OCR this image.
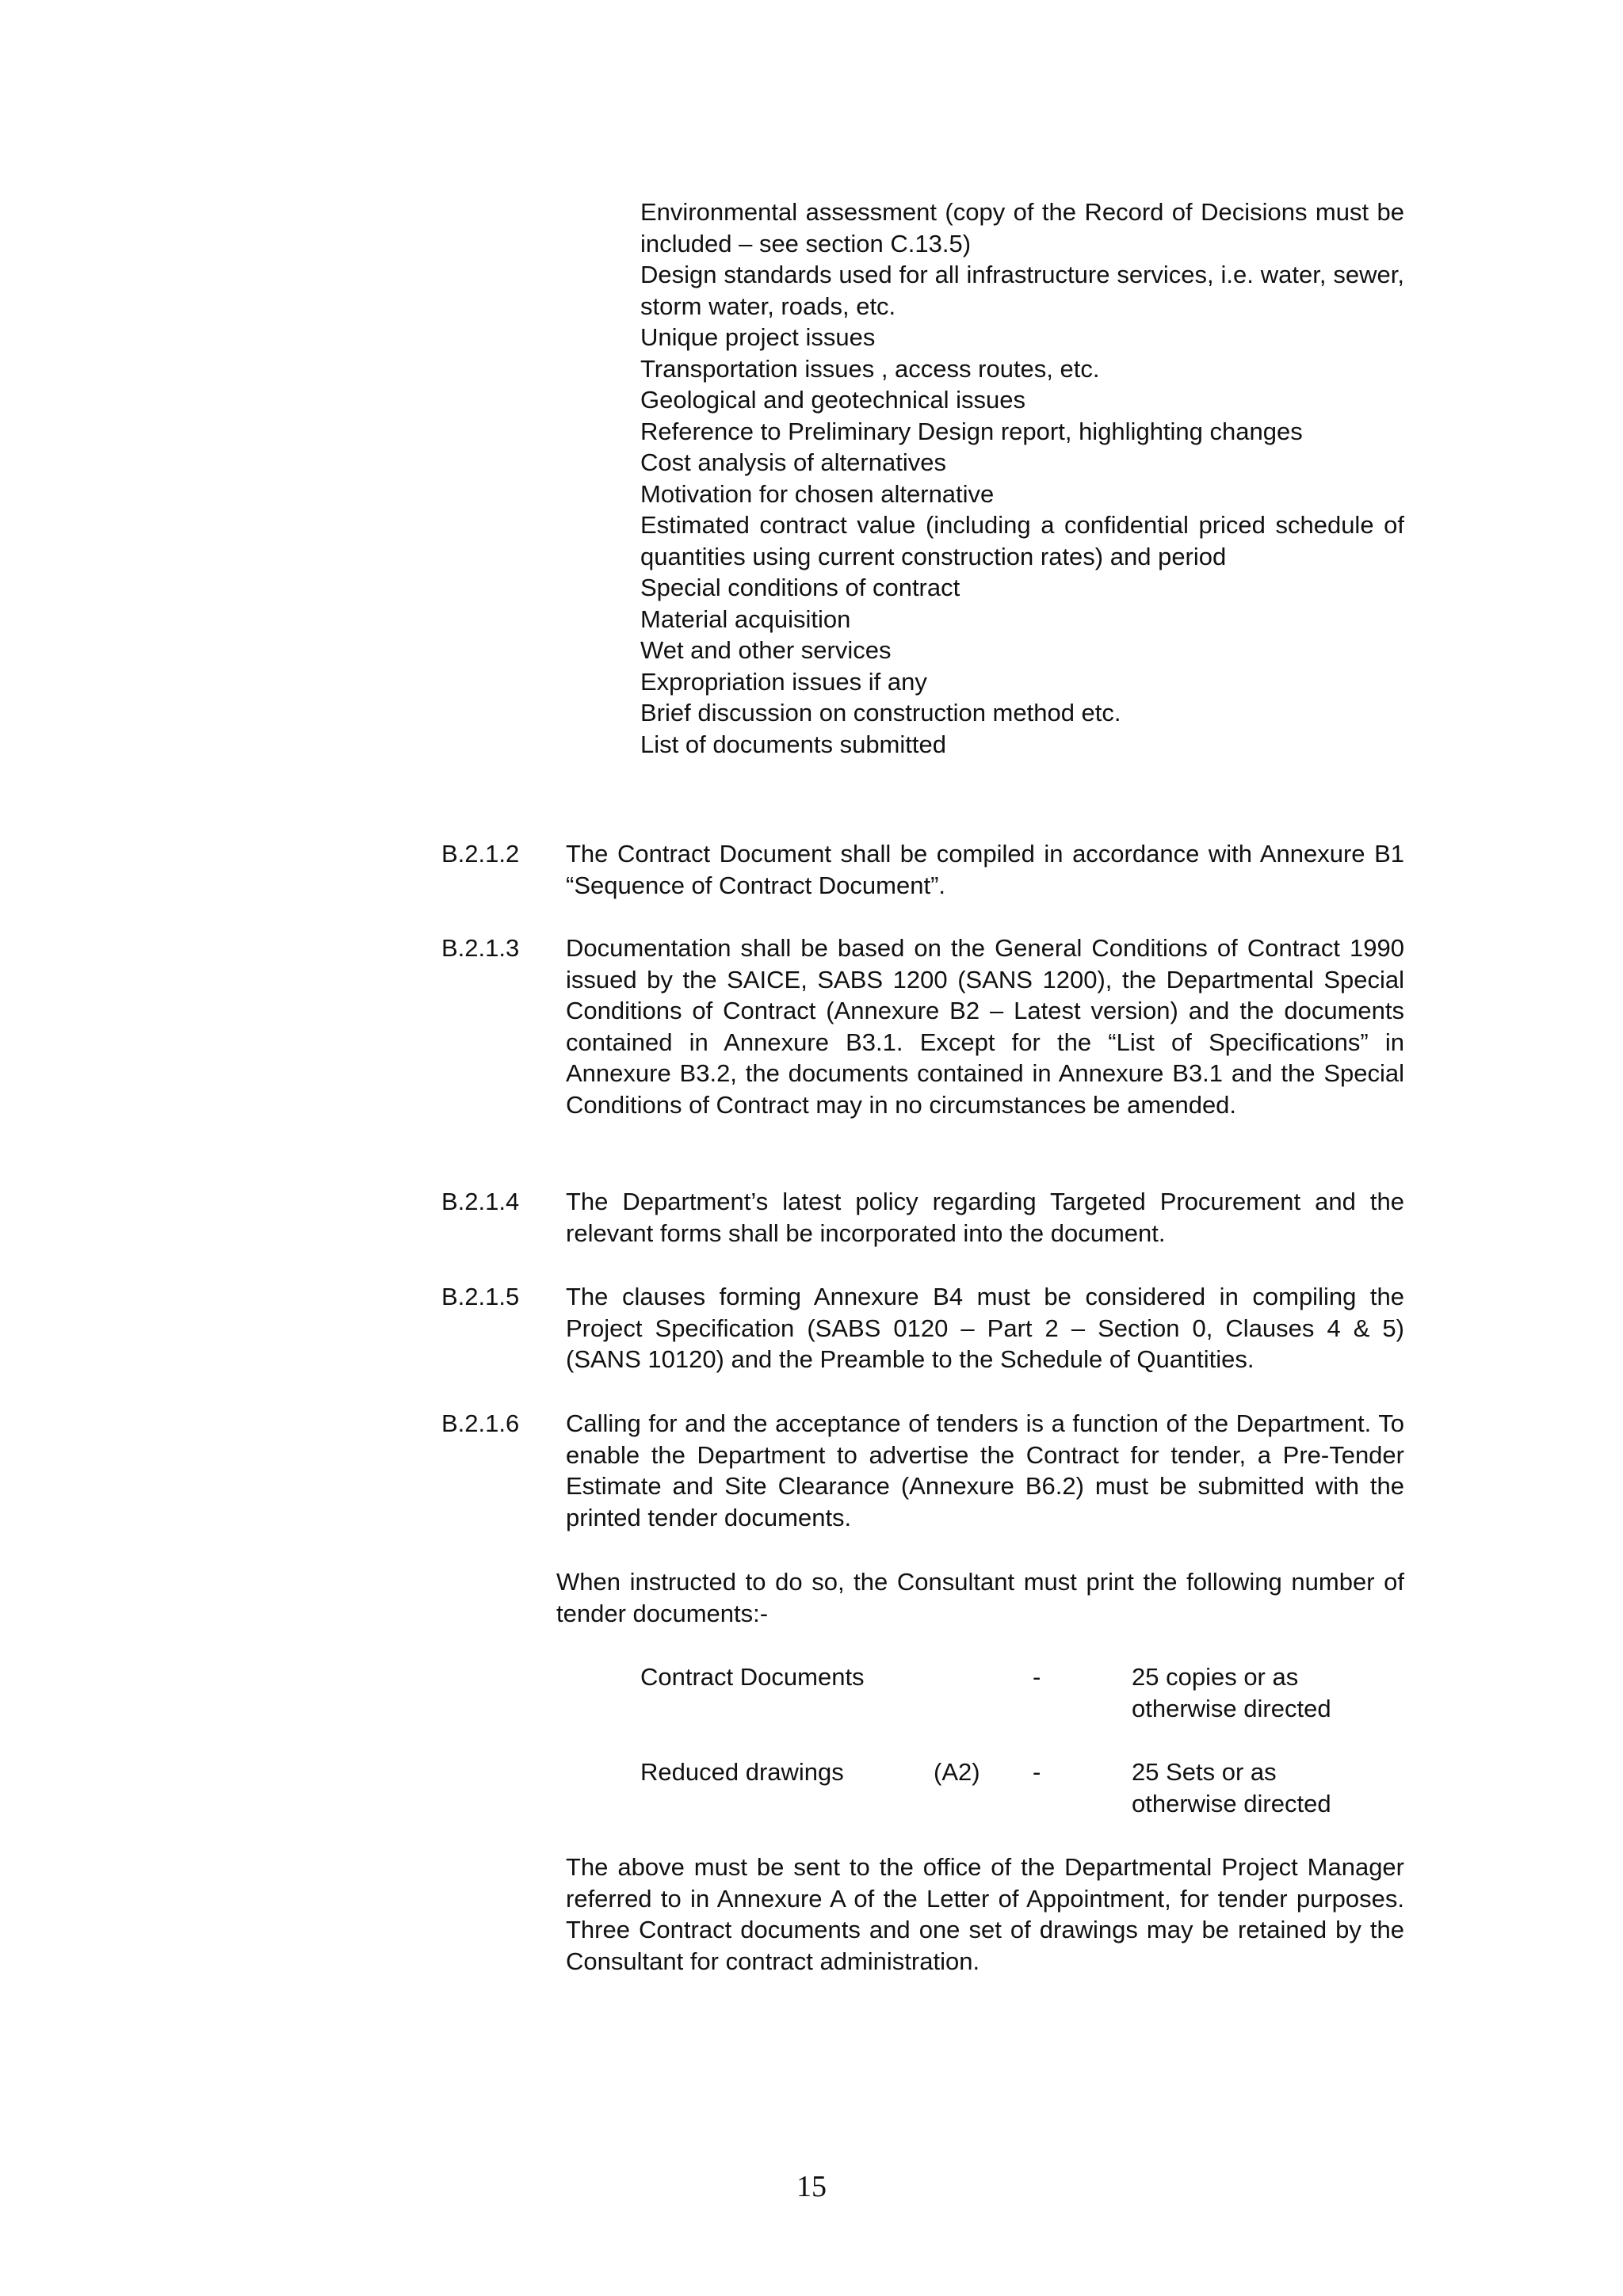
Environmental assessment (copy of the Record of Decisions must be included – see section C.13.5)
Design standards used for all infrastructure services, i.e. water, sewer, storm water, roads, etc.
Unique project issues
Transportation issues , access routes, etc.
Geological and geotechnical issues
Reference to Preliminary Design report, highlighting changes
Cost analysis of alternatives
Motivation for chosen alternative
Estimated contract value (including a confidential priced schedule of quantities using current construction rates) and period
Special conditions of contract
Material acquisition
Wet and other services
Expropriation issues if any
Brief discussion on construction method etc.
List of documents submitted
B.2.1.2 The Contract Document shall be compiled in accordance with Annexure B1 “Sequence of Contract Document”.
B.2.1.3 Documentation shall be based on the General Conditions of Contract 1990 issued by the SAICE, SABS 1200 (SANS 1200), the Departmental Special Conditions of Contract (Annexure B2 – Latest version) and the documents contained in Annexure B3.1. Except for the “List of Specifications” in Annexure B3.2, the documents contained in Annexure B3.1 and the Special Conditions of Contract may in no circumstances be amended.
B.2.1.4 The Department’s latest policy regarding Targeted Procurement and the relevant forms shall be incorporated into the document.
B.2.1.5 The clauses forming Annexure B4 must be considered in compiling the Project Specification (SABS 0120 – Part 2 – Section 0, Clauses 4 & 5) (SANS 10120) and the Preamble to the Schedule of Quantities.
B.2.1.6 Calling for and the acceptance of tenders is a function of the Department. To enable the Department to advertise the Contract for tender, a Pre-Tender Estimate and Site Clearance (Annexure B6.2) must be submitted with the printed tender documents.
When instructed to do so, the Consultant must print the following number of tender documents:-
Contract Documents	-	25 copies or as otherwise directed
Reduced drawings	(A2) -	25 Sets or as otherwise directed
The above must be sent to the office of the Departmental Project Manager referred to in Annexure A of the Letter of Appointment, for tender purposes. Three Contract documents and one set of drawings may be retained by the Consultant for contract administration.
15
